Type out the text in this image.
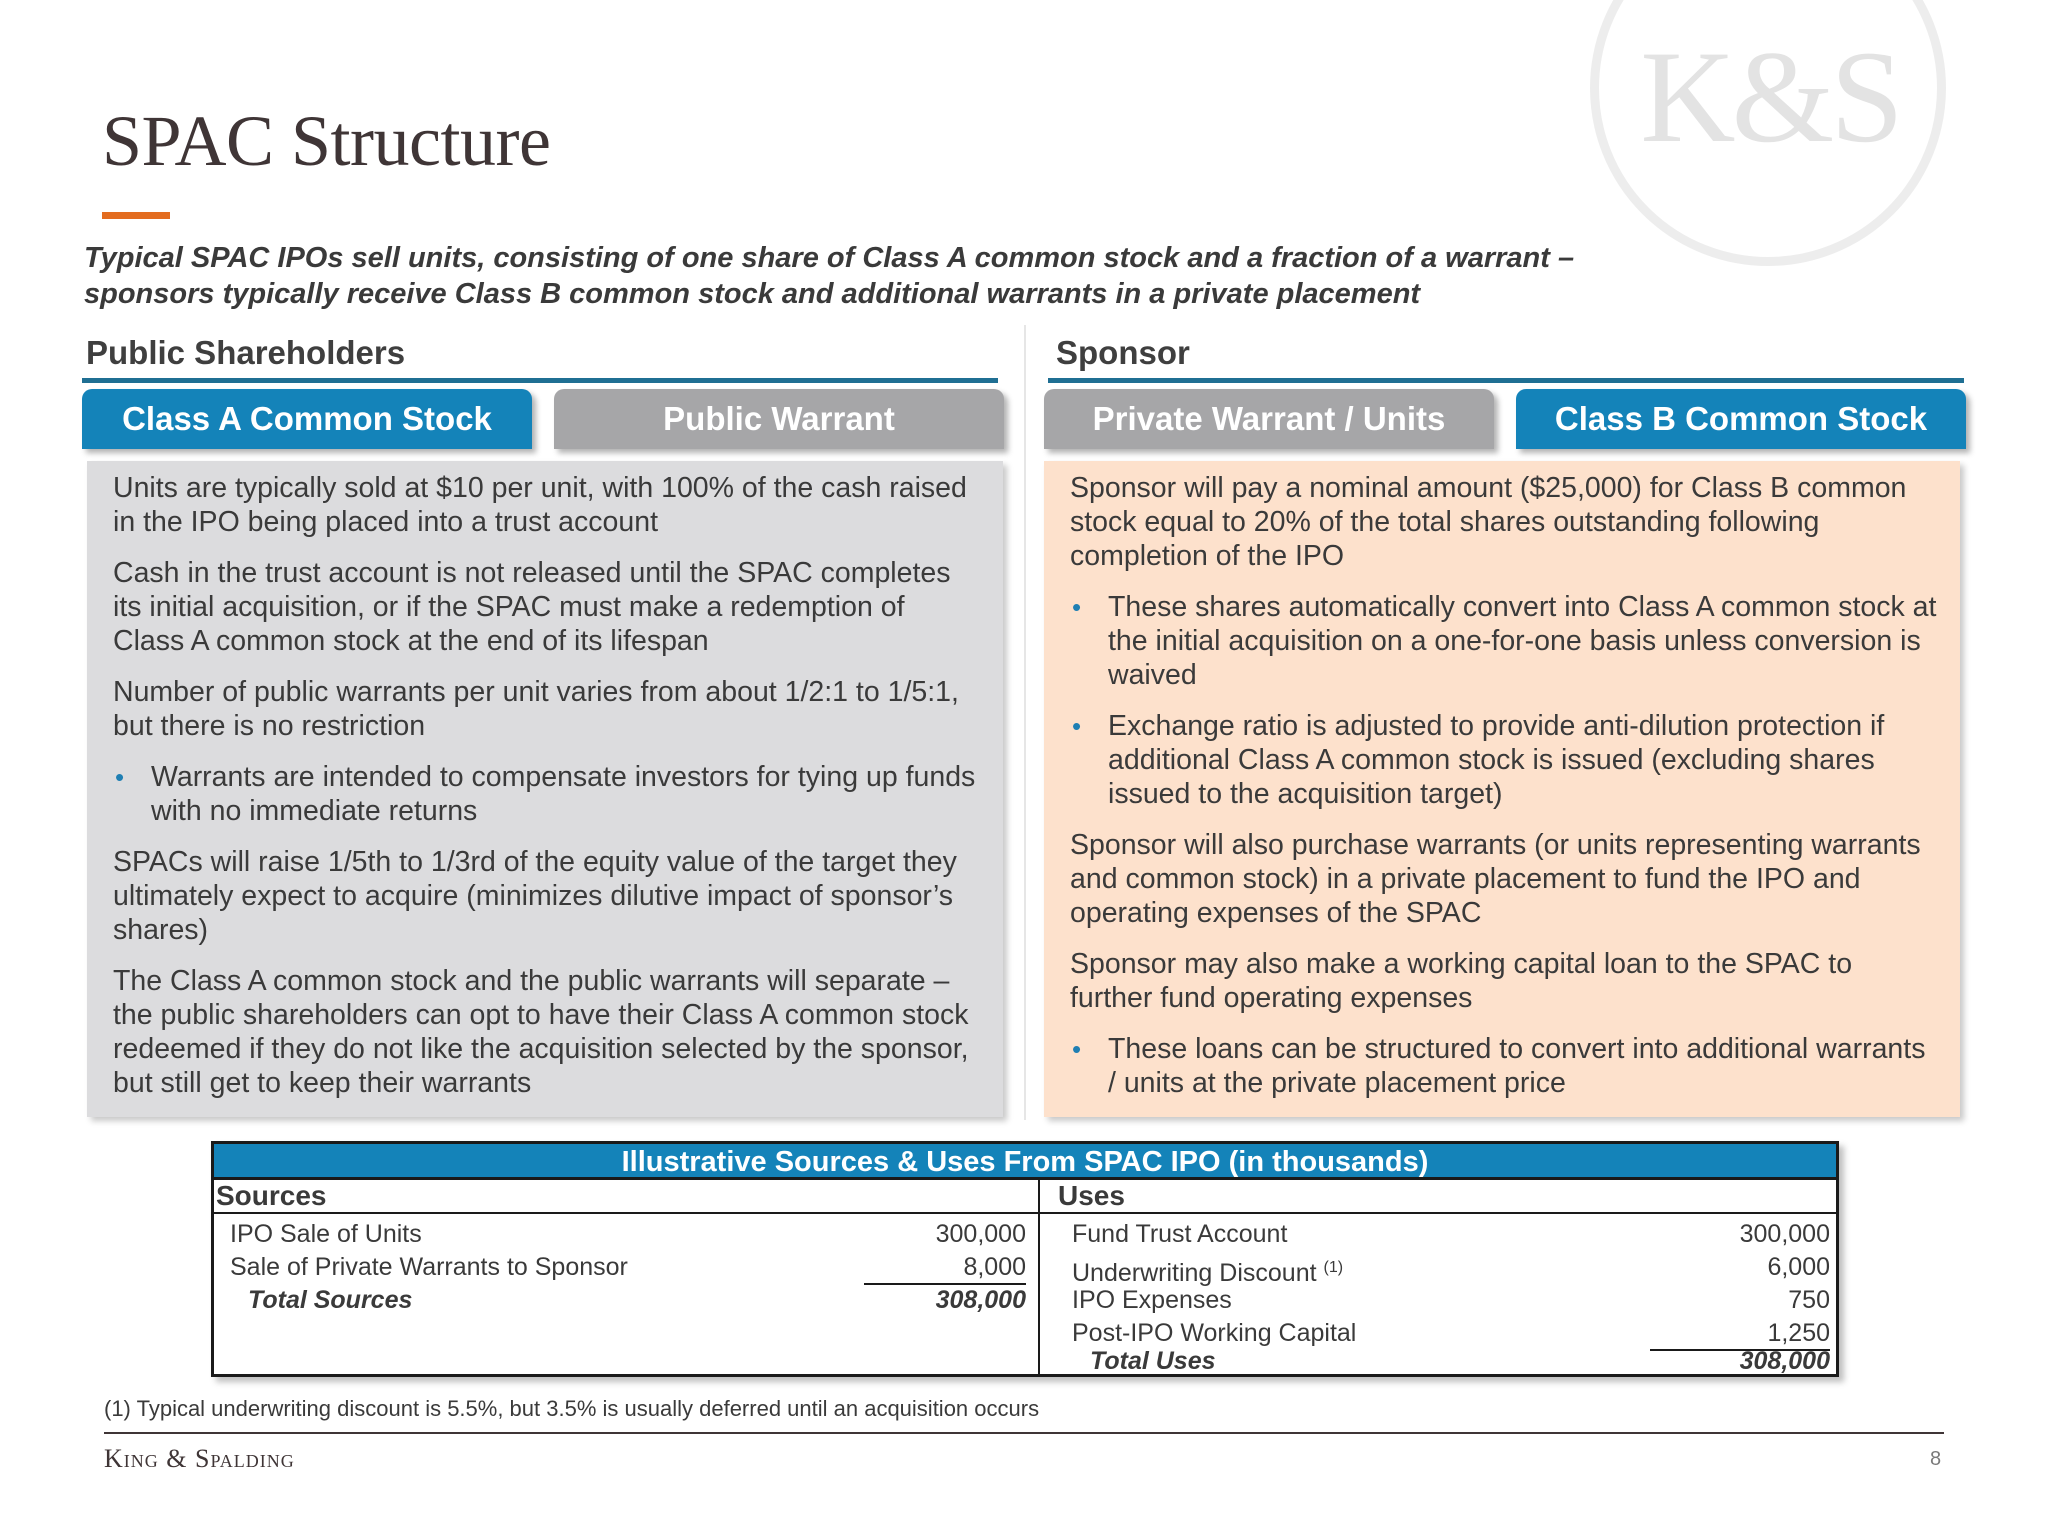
K&S
SPAC Structure
Typical SPAC IPOs sell units, consisting of one share of Class A common stock and a fraction of a warrant – sponsors typically receive Class B common stock and additional warrants in a private placement
Public Shareholders	Sponsor
Class A Common Stock	Public Warrant	Private Warrant / Units	Class B Common Stock

Units are typically sold at $10 per unit, with 100% of the cash raised in the IPO being placed into a trust account

Cash in the trust account is not released until the SPAC completes its initial acquisition, or if the SPAC must make a redemption of Class A common stock at the end of its lifespan

Number of public warrants per unit varies from about 1/2:1 to 1/5:1, but there is no restriction

• Warrants are intended to compensate investors for tying up funds with no immediate returns

SPACs will raise 1/5th to 1/3rd of the equity value of the target they ultimately expect to acquire (minimizes dilutive impact of sponsor’s shares)

The Class A common stock and the public warrants will separate – the public shareholders can opt to have their Class A common stock redeemed if they do not like the acquisition selected by the sponsor, but still get to keep their warrants

Sponsor will pay a nominal amount ($25,000) for Class B common stock equal to 20% of the total shares outstanding following completion of the IPO

• These shares automatically convert into Class A common stock at the initial acquisition on a one-for-one basis unless conversion is waived
• Exchange ratio is adjusted to provide anti-dilution protection if additional Class A common stock is issued (excluding shares issued to the acquisition target)

Sponsor will also purchase warrants (or units representing warrants and common stock) in a private placement to fund the IPO and operating expenses of the SPAC

Sponsor may also make a working capital loan to the SPAC to further fund operating expenses

• These loans can be structured to convert into additional warrants / units at the private placement price
Illustrative Sources & Uses From SPAC IPO (in thousands)
Sources	Uses
IPO Sale of Units	300,000
Sale of Private Warrants to Sponsor	8,000
Total Sources	308,000
Fund Trust Account	300,000
Underwriting Discount $^{(1)}$	6,000
IPO Expenses	750
Post-IPO Working Capital	1,250
Total Uses	308,000
(1) Typical underwriting discount is 5.5%, but 3.5% is usually deferred until an acquisition occurs
King & Spalding	8
